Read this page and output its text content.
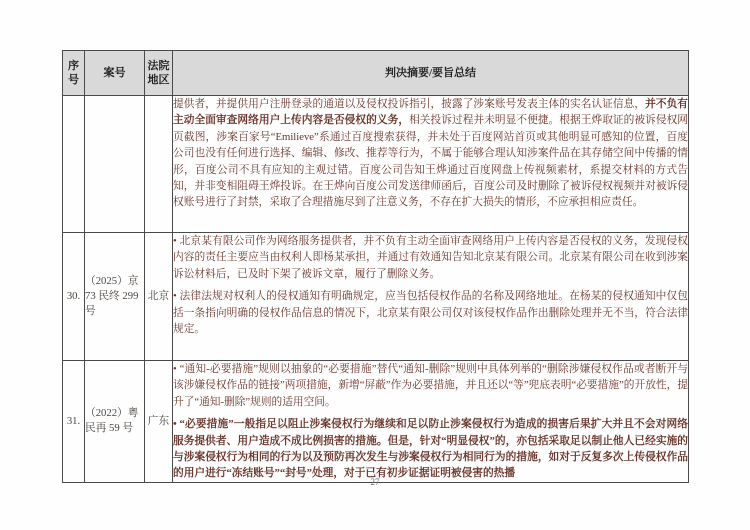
序号	案号	法院地区	判决摘要/要旨总结

			提供者，并提供用户注册登录的通道以及侵权投诉指引，披露了涉案账号发表主体的实名认证信息，并不负有主动全面审查网络用户上传内容是否侵权的义务，相关投诉过程并未明显不便捷。根据王烨取证的被诉侵权网页截图，涉案百家号“Emilieve”系通过百度搜索获得，并未处于百度网站首页或其他明显可感知的位置，百度公司也没有任何进行选择、编辑、修改、推荐等行为，不属于能够合理认知涉案件品在其存储空间中传播的情形，百度公司不具有应知的主观过错。百度公司告知王烨通过百度网盘上传视频素材，系提交材料的方式告知，并非变相阻碍王烨投诉。在王烨向百度公司发送律师函后，百度公司及时删除了被诉侵权视频并对被诉侵权账号进行了封禁，采取了合理措施尽到了注意义务，不存在扩大损失的情形，不应承担相应责任。

30.	（2025）京 73 民终 299 号	北京	• 北京某有限公司作为网络服务提供者，并不负有主动全面审查网络用户上传内容是否侵权的义务，发现侵权内容的责任主要应当由权利人即杨某承担，并通过有效通知告知北京某有限公司。北京某有限公司在收到涉案诉讼材料后，已及时下架了被诉文章，履行了删除义务。

• 法律法规对权利人的侵权通知有明确规定，应当包括侵权作品的名称及网络地址。在杨某的侵权通知中仅包括一条指向明确的侵权作品信息的情况下，北京某有限公司仅对该侵权作品作出删除处理并无不当，符合法律规定。

31.	（2022）粤 民再 59 号	广东	• “通知-必要措施”规则以抽象的“必要措施”替代“通知-删除”规则中具体列举的“删除涉嫌侵权作品或者断开与该涉嫌侵权作品的链接”两项措施，新增“屏蔽”作为必要措施，并且还以“等”兜底表明“必要措施”的开放性，提升了“通知-删除”规则的适用空间。

• “必要措施”一般指足以阻止涉案侵权行为继续和足以防止涉案侵权行为造成的损害后果扩大并且不会对网络服务提供者、用户造成不成比例损害的措施。但是，针对“明显侵权”的，亦包括采取足以制止他人已经实施的与涉案侵权行为相同的行为以及预防再次发生与涉案侵权行为相同行为的措施，如对于反复多次上传侵权作品的用户进行“冻结账号”“封号”处理，对于已有初步证据证明被侵害的热播

27
